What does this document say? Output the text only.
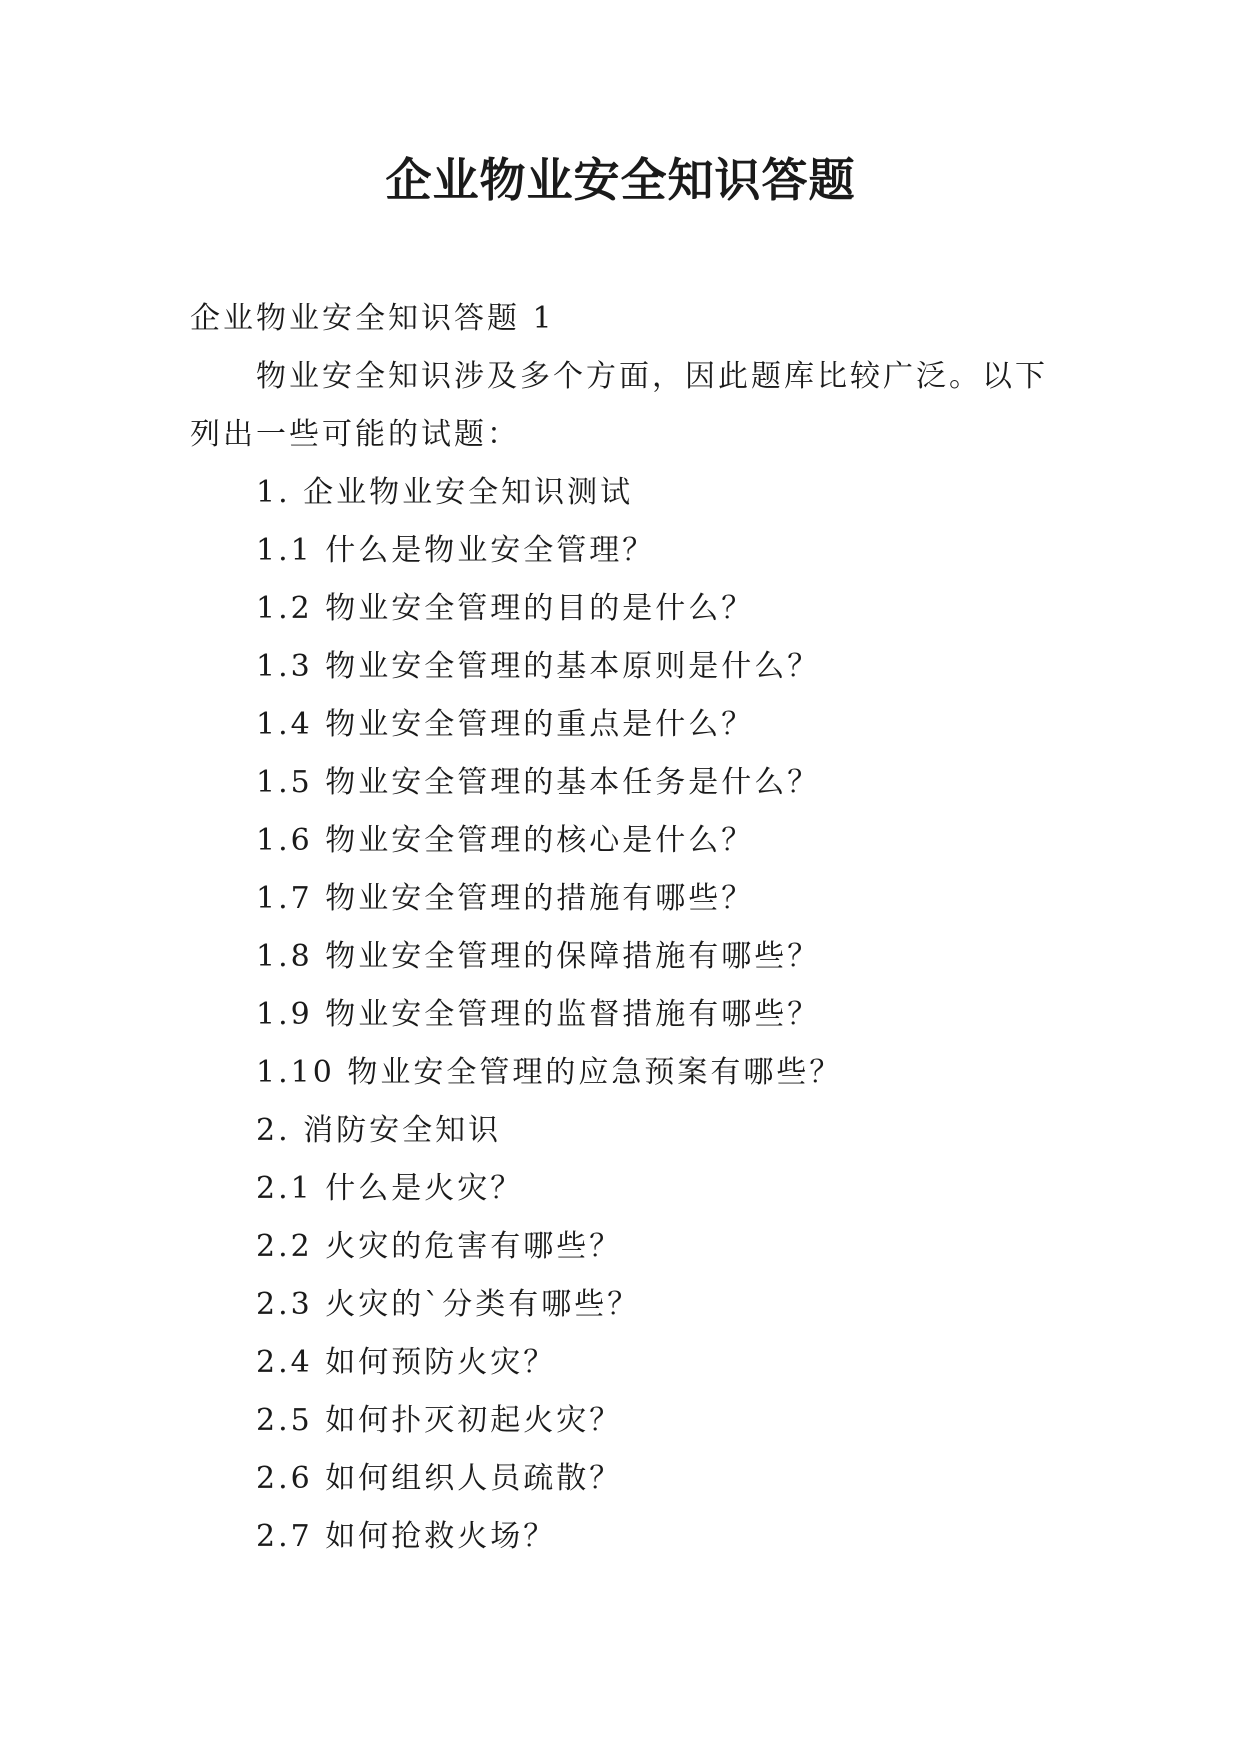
企业物业安全知识答题

企业物业安全知识答题 1

物业安全知识涉及多个方面，因此题库比较广泛。以下列出一些可能的试题：

1. 企业物业安全知识测试

1.1 什么是物业安全管理？

1.2 物业安全管理的目的是什么？

1.3 物业安全管理的基本原则是什么？

1.4 物业安全管理的重点是什么？

1.5 物业安全管理的基本任务是什么？

1.6 物业安全管理的核心是什么？

1.7 物业安全管理的措施有哪些？

1.8 物业安全管理的保障措施有哪些？

1.9 物业安全管理的监督措施有哪些？

1.10 物业安全管理的应急预案有哪些？

2. 消防安全知识

2.1 什么是火灾？

2.2 火灾的危害有哪些？

2.3 火灾的`分类有哪些？

2.4 如何预防火灾？

2.5 如何扑灭初起火灾？

2.6 如何组织人员疏散？

2.7 如何抢救火场？
